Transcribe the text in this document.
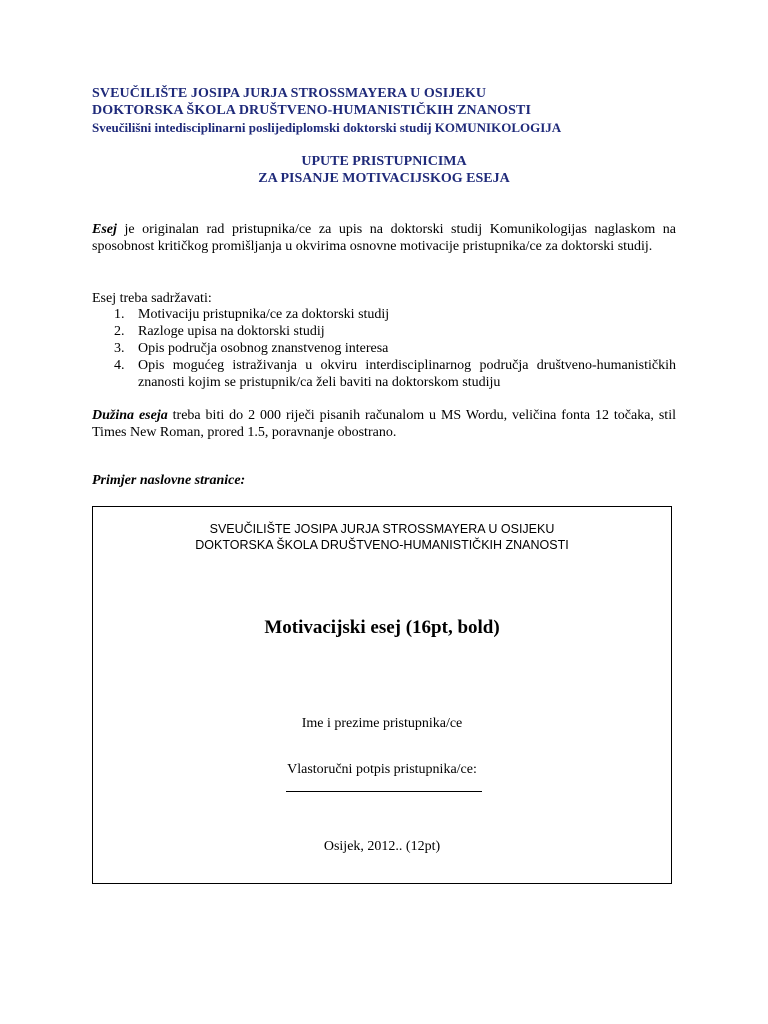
SVEUČILIŠTE JOSIPA JURJA STROSSMAYERA U OSIJEKU
DOKTORSKA ŠKOLA DRUŠTVENO-HUMANISTIČKIH ZNANOSTI
Sveučilišni intedisciplinarni poslijediplomski doktorski studij KOMUNIKOLOGIJA
UPUTE PRISTUPNICIMA
ZA PISANJE MOTIVACIJSKOG ESEJA
Esej je originalan rad pristupnika/ce za upis na doktorski studij Komunikologijas naglaskom na sposobnost kritičkog promišljanja u okvirima osnovne motivacije pristupnika/ce za doktorski studij.
Esej treba sadržavati:
1. Motivaciju pristupnika/ce za doktorski studij
2. Razloge upisa na doktorski studij
3. Opis područja osobnog znanstvenog interesa
4. Opis mogućeg istraživanja u okviru interdisciplinarnog područja društveno-humanističkih znanosti kojim se pristupnik/ca želi baviti na doktorskom studiju
Dužina eseja treba biti do 2 000 riječi pisanih računalom u MS Wordu, veličina fonta 12 točaka, stil Times New Roman, prored 1.5, poravnanje obostrano.
Primjer naslovne stranice:
SVEUČILIŠTE JOSIPA JURJA STROSSMAYERA U OSIJEKU
DOKTORSKA ŠKOLA DRUŠTVENO-HUMANISTIČKIH ZNANOSTI
Motivacijski esej (16pt, bold)
Ime i prezime pristupnika/ce
Vlastoručni potpis pristupnika/ce:
Osijek, 2012.. (12pt)
